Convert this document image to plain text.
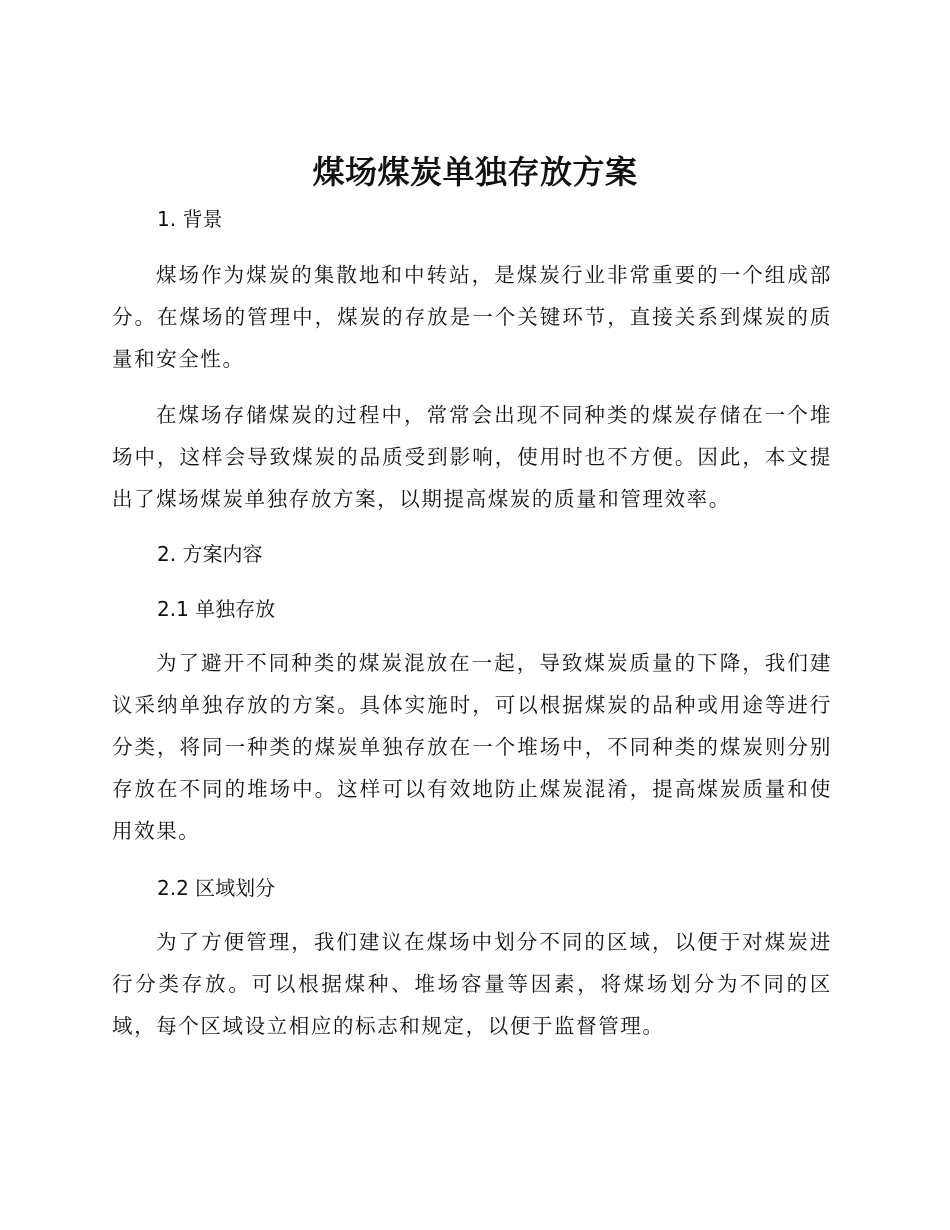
煤场煤炭单独存放方案
1. 背景

煤场作为煤炭的集散地和中转站，是煤炭行业非常重要的一个组成部分。在煤场的管理中，煤炭的存放是一个关键环节，直接关系到煤炭的质量和安全性。

在煤场存储煤炭的过程中，常常会出现不同种类的煤炭存储在一个堆场中，这样会导致煤炭的品质受到影响，使用时也不方便。因此，本文提出了煤场煤炭单独存放方案，以期提高煤炭的质量和管理效率。

2. 方案内容
2.1 单独存放

为了避开不同种类的煤炭混放在一起，导致煤炭质量的下降，我们建议采纳单独存放的方案。具体实施时，可以根据煤炭的品种或用途等进行分类，将同一种类的煤炭单独存放在一个堆场中，不同种类的煤炭则分别存放在不同的堆场中。这样可以有效地防止煤炭混淆，提高煤炭质量和使用效果。

2.2 区域划分

为了方便管理，我们建议在煤场中划分不同的区域，以便于对煤炭进行分类存放。可以根据煤种、堆场容量等因素，将煤场划分为不同的区域，每个区域设立相应的标志和规定，以便于监督管理。
